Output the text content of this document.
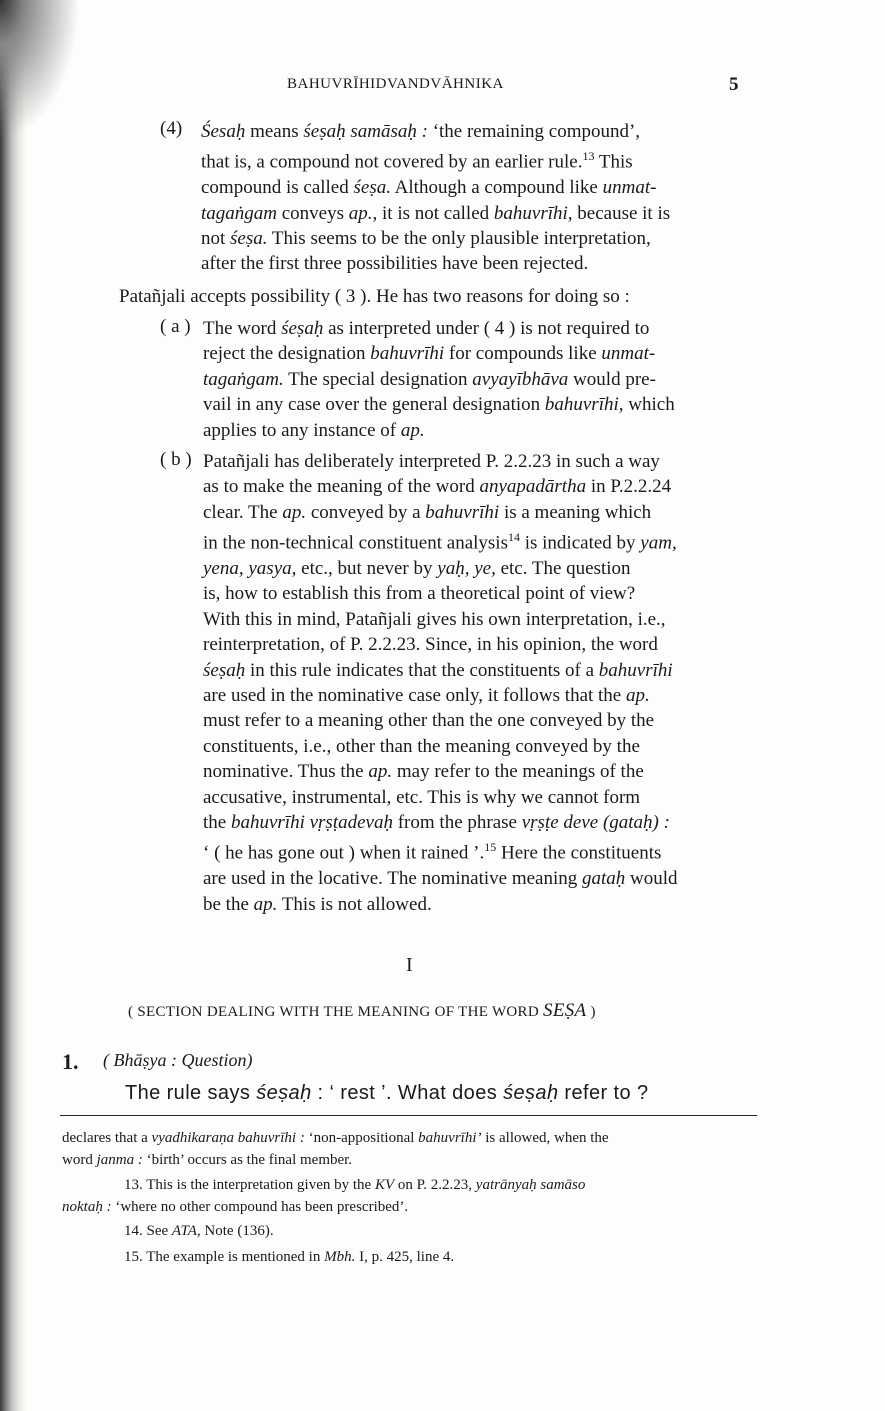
BAHUVRĪHIDVANDVĀHNIKA	5
(4) Śesaḥ means śeṣaḥ samāsaḥ : ‘the remaining compound’,
that is, a compound not covered by an earlier rule.$^{13}$ This
compound is called śeṣa. Although a compound like unmat-
tagaṅgam conveys ap., it is not called bahuvrīhi, because it is
not śeṣa. This seems to be the only plausible interpretation,
after the first three possibilities have been rejected.
Patañjali accepts possibility ( 3 ). He has two reasons for doing so :
( a ) The word śeṣaḥ as interpreted under ( 4 ) is not required to
reject the designation bahuvrīhi for compounds like unmat-
tagaṅgam. The special designation avyayībhāva would pre-
vail in any case over the general designation bahuvrīhi, which
applies to any instance of ap.
( b ) Patañjali has deliberately interpreted P. 2.2.23 in such a way
as to make the meaning of the word anyapadārtha in P.2.2.24
clear. The ap. conveyed by a bahuvrīhi is a meaning which
in the non-technical constituent analysis$^{14}$ is indicated by yam,
yena, yasya, etc., but never by yaḥ, ye, etc. The question
is, how to establish this from a theoretical point of view?
With this in mind, Patañjali gives his own interpretation, i.e.,
reinterpretation, of P. 2.2.23. Since, in his opinion, the word
śeṣaḥ in this rule indicates that the constituents of a bahuvrīhi
are used in the nominative case only, it follows that the ap.
must refer to a meaning other than the one conveyed by the
constituents, i.e., other than the meaning conveyed by the
nominative. Thus the ap. may refer to the meanings of the
accusative, instrumental, etc. This is why we cannot form
the bahuvrīhi vṛṣṭadevaḥ from the phrase vṛṣṭe deve (gataḥ) :
‘ ( he has gone out ) when it rained ’.$^{15}$ Here the constituents
are used in the locative. The nominative meaning gataḥ would
be the ap. This is not allowed.
I
( SECTION DEALING WITH THE MEANING OF THE WORD SEṢA )
1. ( Bhāṣya : Question)
The rule says śeṣaḥ : ‘ rest ’. What does śeṣaḥ refer to ?
declares that a vyadhikaraṇa bahuvrīhi : ‘non-appositional bahuvrīhi’ is allowed, when the
word janma : ‘birth’ occurs as the final member.
13. This is the interpretation given by the KV on P. 2.2.23, yatrānyaḥ samāso
noktaḥ : ‘where no other compound has been prescribed’.
14. See ATA, Note (136).
15. The example is mentioned in Mbh. I, p. 425, line 4.
